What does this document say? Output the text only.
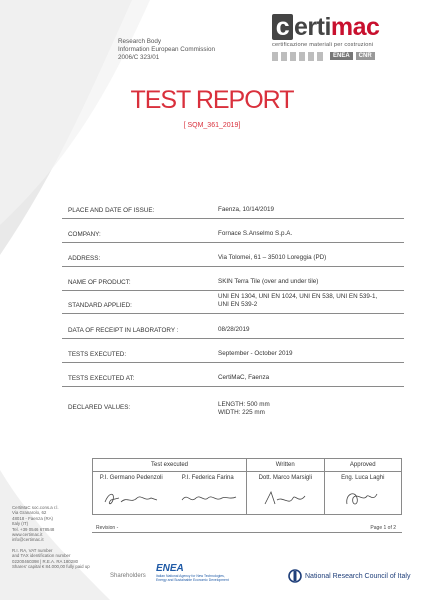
Research Body
Information European Commission
2006/C 323/01
c ertimac
certificazione materiali per costruzioni
ENEA	CNR
TEST REPORT
[ SQM_361_2019]
PLACE AND DATE OF ISSUE:	Faenza, 10/14/2019
COMPANY:	Fornace S.Anselmo S.p.A.
ADDRESS:	Via Tolomei, 61 – 35010 Loreggia (PD)
NAME OF PRODUCT:	SKIN Terra Tile (over and under tile)
STANDARD APPLIED:
UNI EN 1304, UNI EN 1024, UNI EN 538, UNI EN 539-1,
UNI EN 539-2
DATA OF RECEIPT IN LABORATORY :	08/28/2019
TESTS EXECUTED:	September - October 2019
TESTS EXECUTED AT:	CertiMaC, Faenza
DECLARED VALUES:	LENGTH: 500 mm
WIDTH: 225 mm
Test executed	Written	Approved
P.I. Germano Pedenzoli	P.I. Federica Farina	Dott. Marco Marsigli	Eng. Luca Laghi
Revision -	Page 1 of 2
CertiMaC soc.cons.a r.l.
Via Granarolo, 62
48018 - Faenza (RA)
Italy (IT)
Tel. +39 0546 678548
www.certimac.it
info@certimac.it
R.I. RA, VAT number
and TAX identification number
02200460398 | R.E.A. RA 180280
Shares' capital € 84.000,00 fully paid up
Shareholders
ENEA
Italian National Agency for New Technologies,
Energy and Sustainable Economic Development
National Research Council of Italy
